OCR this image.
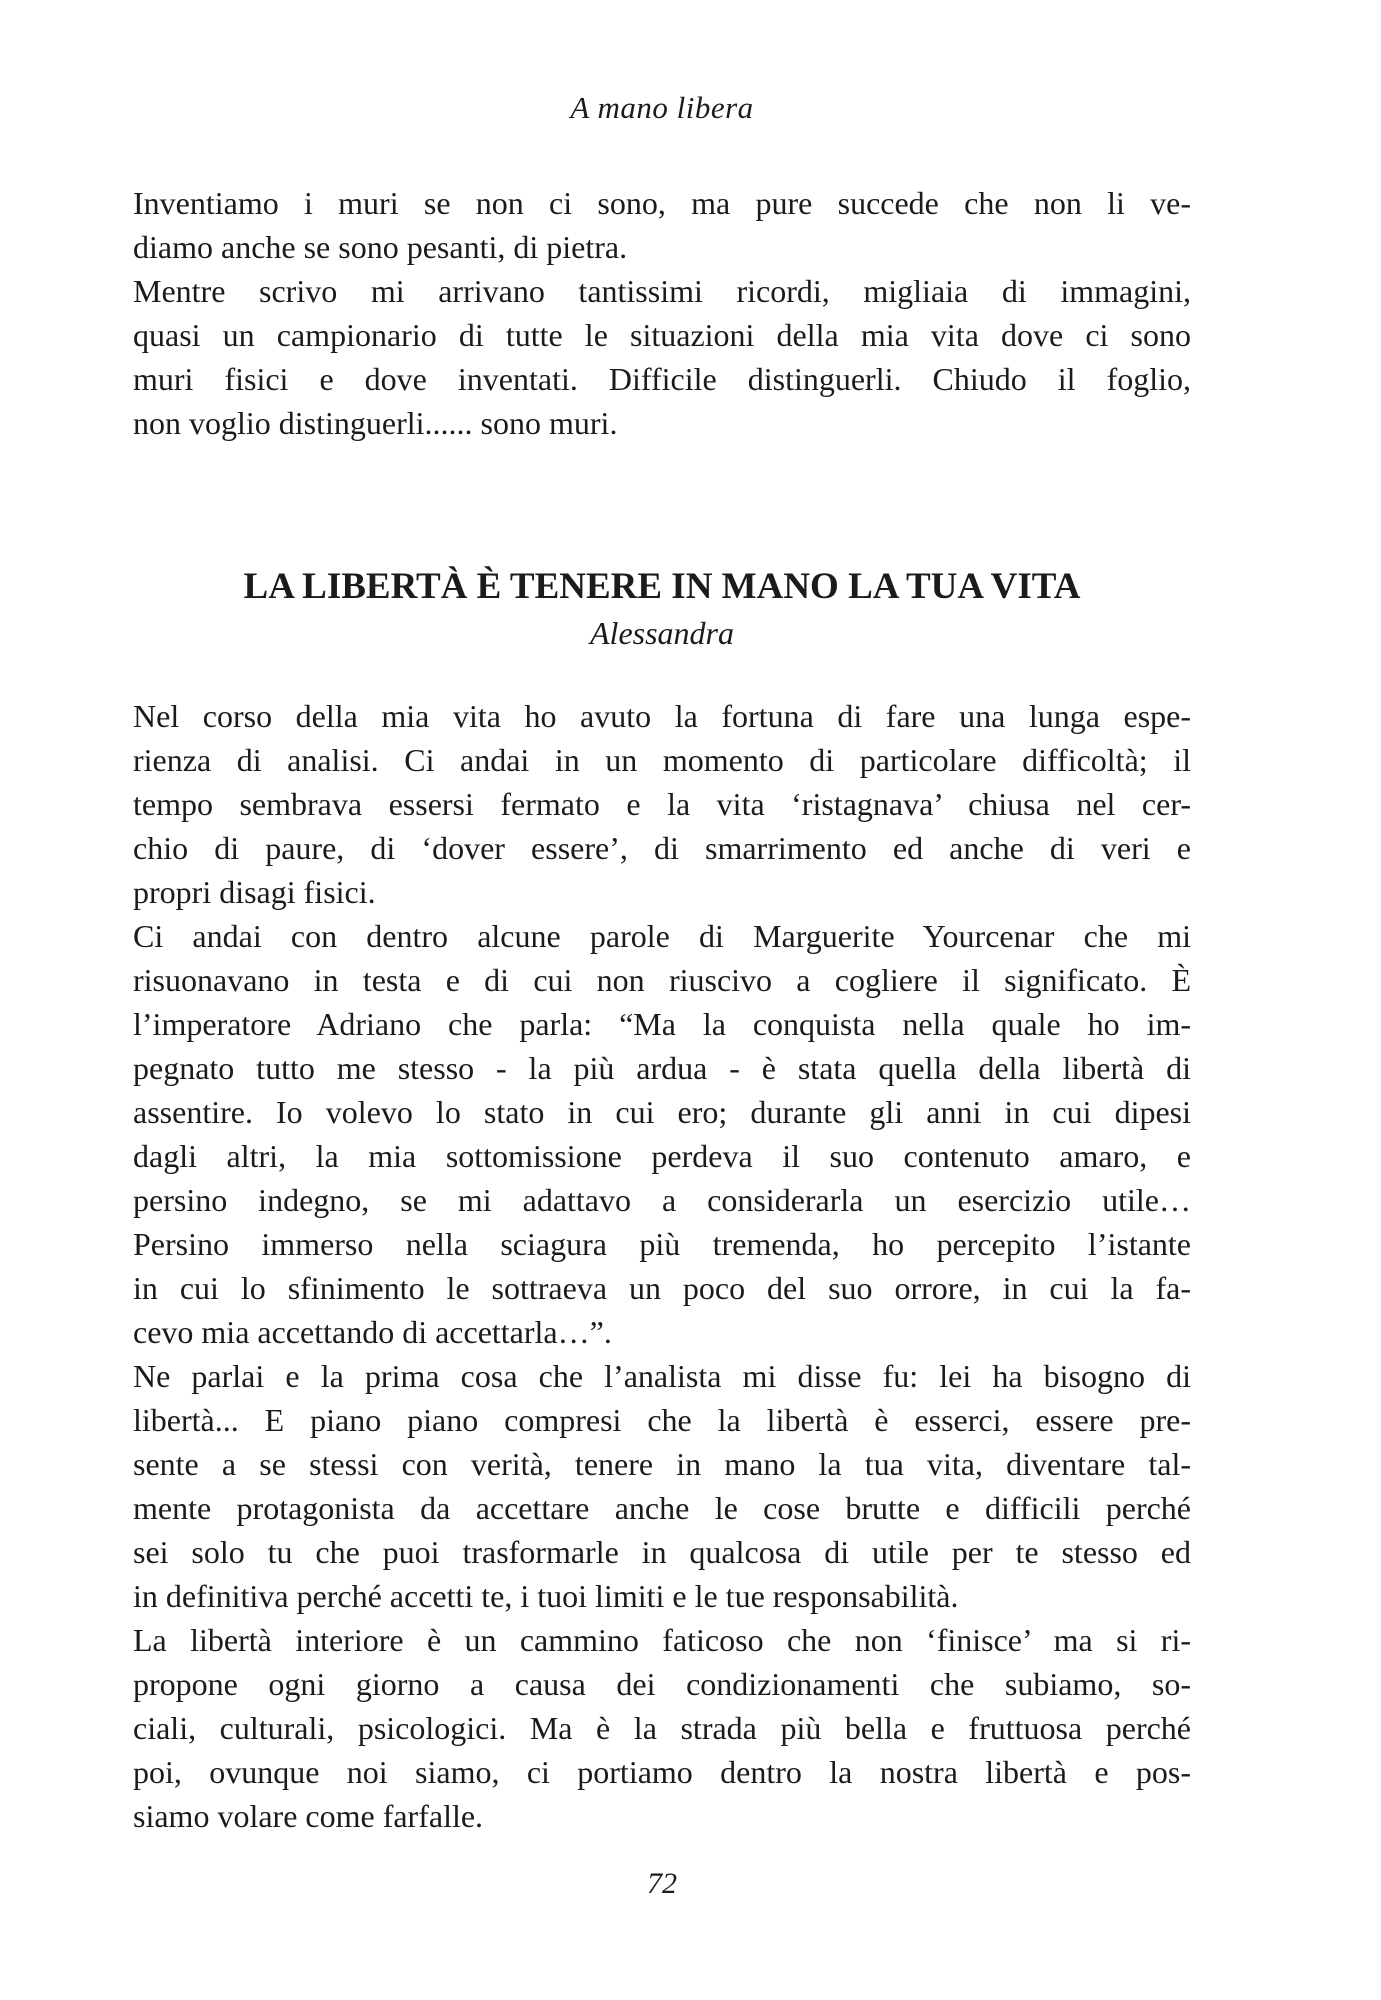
A mano libera
Inventiamo i muri se non ci sono, ma pure succede che non li ve-
diamo anche se sono pesanti, di pietra.
Mentre scrivo mi arrivano tantissimi ricordi, migliaia di immagini,
quasi un campionario di tutte le situazioni della mia vita dove ci sono
muri fisici e dove inventati. Difficile distinguerli. Chiudo il foglio,
non voglio distinguerli...... sono muri.
LA LIBERTÀ È TENERE IN MANO LA TUA VITA
Alessandra
Nel corso della mia vita ho avuto la fortuna di fare una lunga espe-
rienza di analisi. Ci andai in un momento di particolare difficoltà; il
tempo sembrava essersi fermato e la vita ‘ristagnava’ chiusa nel cer-
chio di paure, di ‘dover essere’, di smarrimento ed anche di veri e
propri disagi fisici.
Ci andai con dentro alcune parole di Marguerite Yourcenar che mi
risuonavano in testa e di cui non riuscivo a cogliere il significato. È
l’imperatore Adriano che parla: “Ma la conquista nella quale ho im-
pegnato tutto me stesso - la più ardua - è stata quella della libertà di
assentire. Io volevo lo stato in cui ero; durante gli anni in cui dipesi
dagli altri, la mia sottomissione perdeva il suo contenuto amaro, e
persino indegno, se mi adattavo a considerarla un esercizio utile…
Persino immerso nella sciagura più tremenda, ho percepito l’istante
in cui lo sfinimento le sottraeva un poco del suo orrore, in cui la fa-
cevo mia accettando di accettarla…”.
Ne parlai e la prima cosa che l’analista mi disse fu: lei ha bisogno di
libertà... E piano piano compresi che la libertà è esserci, essere pre-
sente a se stessi con verità, tenere in mano la tua vita, diventare tal-
mente protagonista da accettare anche le cose brutte e difficili perché
sei solo tu che puoi trasformarle in qualcosa di utile per te stesso ed
in definitiva perché accetti te, i tuoi limiti e le tue responsabilità.
La libertà interiore è un cammino faticoso che non ‘finisce’ ma si ri-
propone ogni giorno a causa dei condizionamenti che subiamo, so-
ciali, culturali, psicologici. Ma è la strada più bella e fruttuosa perché
poi, ovunque noi siamo, ci portiamo dentro la nostra libertà e pos-
siamo volare come farfalle.
72
